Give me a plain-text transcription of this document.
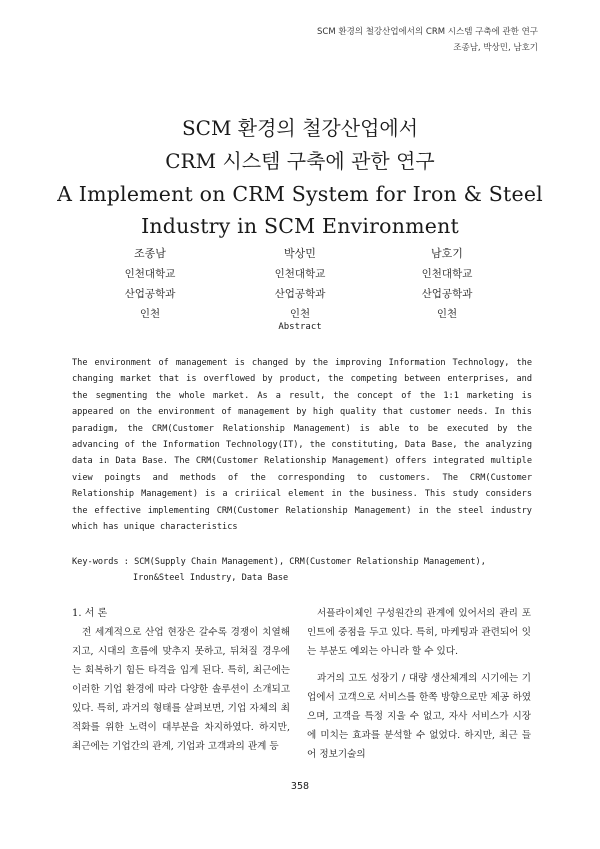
SCM 환경의 철강산업에서의 CRM 시스템 구축에 관한 연구
조종남, 박상민, 남호기
SCM 환경의 철강산업에서
CRM 시스템 구축에 관한 연구
A Implement on CRM System for Iron & Steel
Industry in SCM Environment
조종남
인천대학교
산업공학과
인천
박상민
인천대학교
산업공학과
인천
남호기
인천대학교
산업공학과
인천
Abstract

The environment of management is changed by the improving Information Technology, the changing market that is overflowed by product, the competing between enterprises, and the segmenting the whole market. As a result, the concept of the 1:1 marketing is appeared on the environment of management by high quality that customer needs. In this paradigm, the CRM(Customer Relationship Management) is able to be executed by the advancing of the Information Technology(IT), the constituting, Data Base, the analyzing data in Data Base. The CRM(Customer Relationship Management) offers integrated multiple view poingts and methods of the corresponding to customers. The CRM(Customer Relationship Management) is a cririical element in the business. This study considers the effective implementing CRM(Customer Relationship Management) in the steel industry which has unique characteristics

Key-words : SCM(Supply Chain Management), CRM(Customer Relationship Management),
Iron&Steel Industry, Data Base
1. 서 론

전 세계적으로 산업 현장은 갈수록 경쟁이 치열해지고, 시대의 흐름에 맞추지 못하고, 뒤쳐질 경우에는 회복하기 힘든 타격을 입게 된다. 특히, 최근에는 이러한 기업 환경에 따라 다양한 솔루션이 소개되고 있다. 특히, 과거의 형태를 살펴보면, 기업 자체의 최적화를 위한 노력이 대부분을 차지하였다. 하지만, 최근에는 기업간의 관계, 기업과 고객과의 관계 등

서플라이체인 구성원간의 관계에 있어서의 관리 포인트에 중점을 두고 있다. 특히, 마케팅과 관련되어 잇는 부분도 예외는 아니라 할 수 있다.

과거의 고도 성장기 / 대량 생산체계의 시기에는 기업에서 고객으로 서비스를 한쪽 방향으로만 제공 하였으며, 고객을 특정 지울 수 없고, 자사 서비스가 시장에 미치는 효과를 분석할 수 없었다. 하지만, 최근 들어 정보기술의

358
